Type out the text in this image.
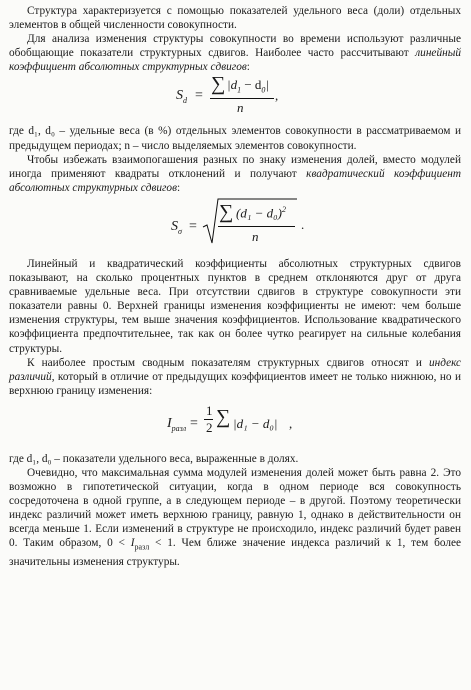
Структура характеризуется с помощью показателей удельного веса (доли) отдельных элементов в общей численности совокупности.

Для анализа изменения структуры совокупности во времени используют различные обобщающие показатели структурных сдвигов. Наиболее часто рассчитывают линейный коэффициент абсолютных структурных сдвигов:

$S_d$ =
∑ $|d_1 - d_0|$
n
,

где d₁, d₀ – удельные веса (в %) отдельных элементов совокупности в рассматриваемом и предыдущем периодах; n – число выделяемых элементов совокупности.

Чтобы избежать взаимопогашения разных по знаку изменения долей, вместо модулей иногда применяют квадраты отклонений и получают квадратический коэффициент абсолютных структурных сдвигов:

$S_\sigma$ =
∑ $(d_1 - d_0)^2$
n
.

Линейный и квадратический коэффициенты абсолютных структурных сдвигов показывают, на сколько процентных пунктов в среднем отклоняются друг от друга сравниваемые удельные веса. При отсутствии сдвигов в структуре совокупности эти показатели равны 0. Верхней границы изменения коэффициенты не имеют: чем больше изменения структуры, тем выше значения коэффициентов. Использование квадратического коэффициента предпочтительнее, так как он более чутко реагирует на сильные колебания структуры.

К наиболее простым сводным показателям структурных сдвигов относят и индекс различий, который в отличие от предыдущих коэффициентов имеет не только нижнюю, но и верхнюю границу изменения:

$I_{разл}$ =
1
2 ∑ |d₁ − d₀| ,

где d₁, d₀ – показатели удельного веса, выраженные в долях.

Очевидно, что максимальная сумма модулей изменения долей может быть равна 2. Это возможно в гипотетической ситуации, когда в одном периоде вся совокупность сосредоточена в одной группе, а в следующем периоде – в другой. Поэтому теоретически индекс различий может иметь верхнюю границу, равную 1, однако в действительности он всегда меньше 1. Если изменений в структуре не происходило, индекс различий будет равен 0. Таким образом, $0 < I_{разл} < 1$. Чем ближе значение индекса различий к 1, тем более значительны изменения структуры.
